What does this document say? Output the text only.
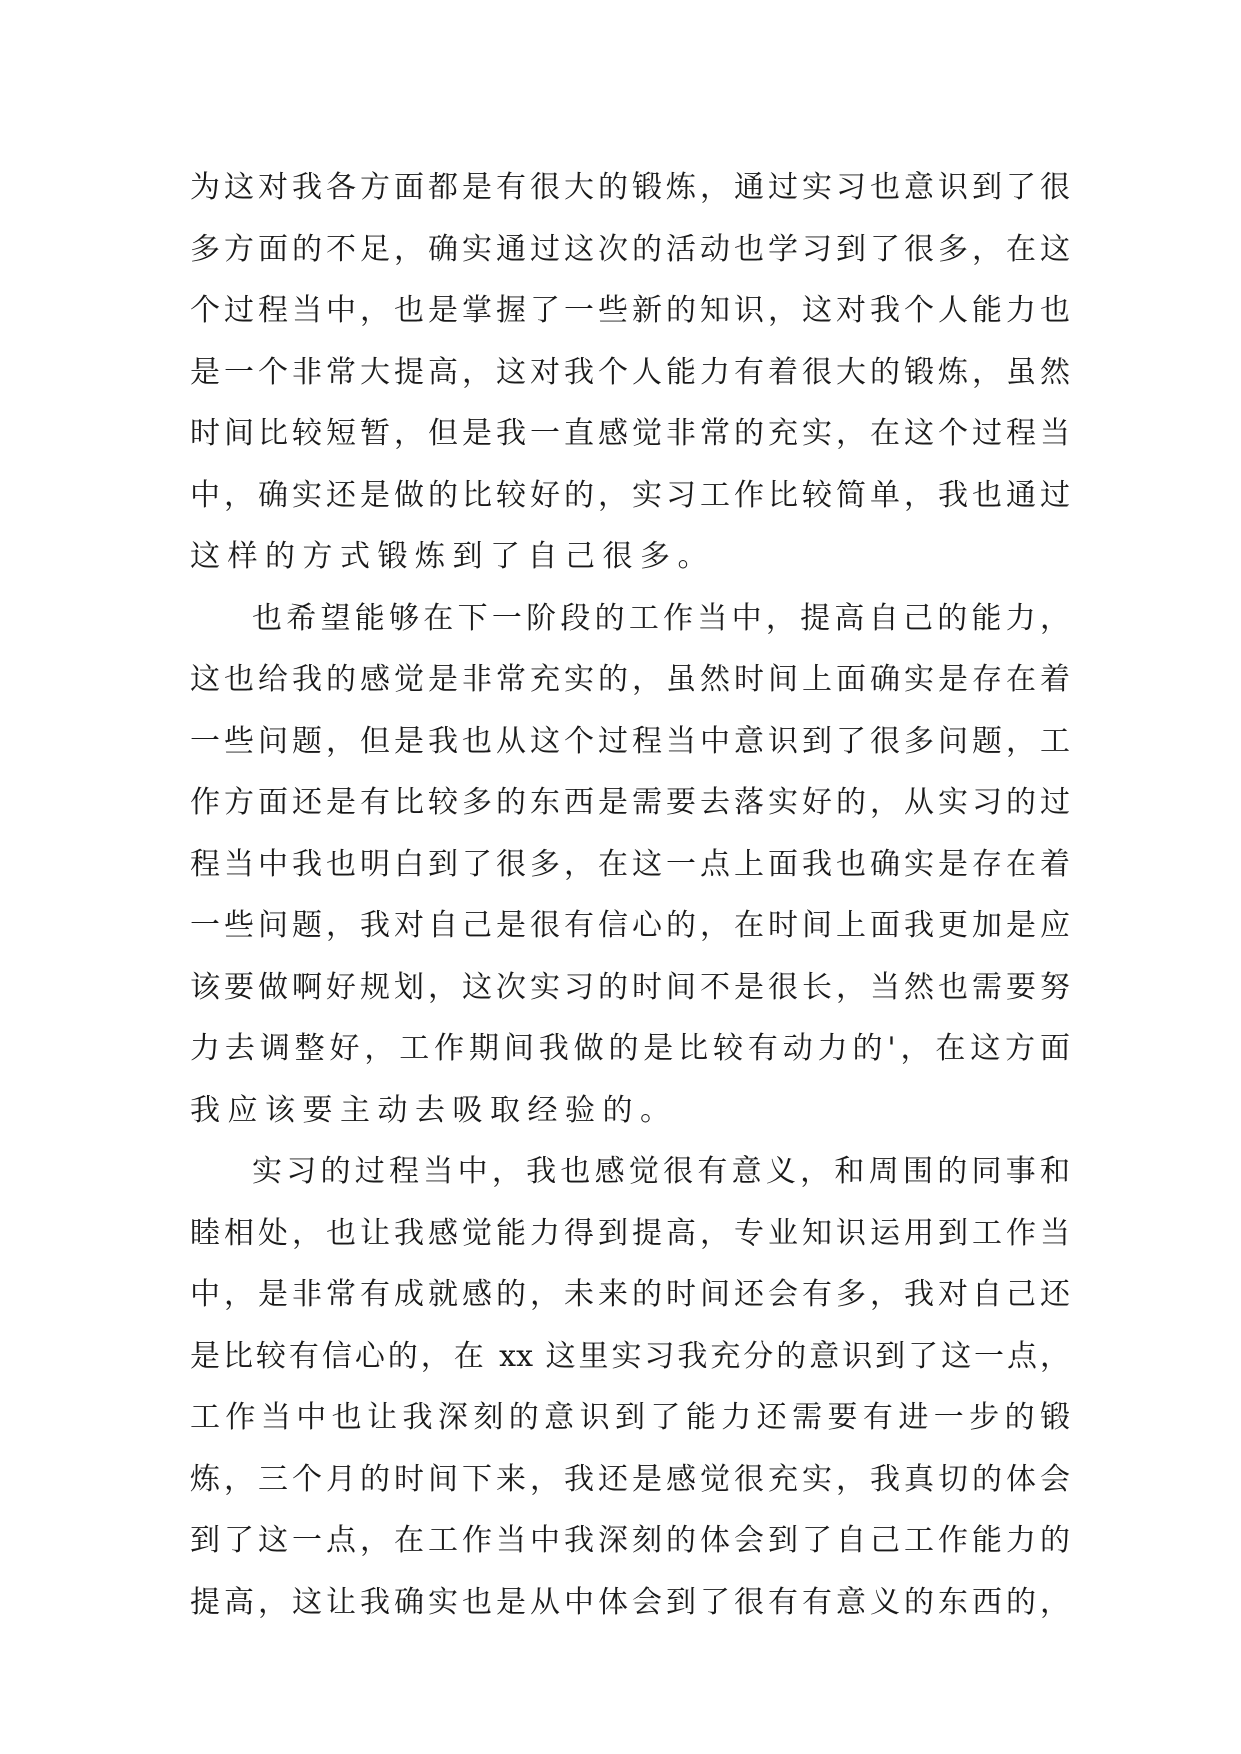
为这对我各方面都是有很大的锻炼，通过实习也意识到了很
多方面的不足，确实通过这次的活动也学习到了很多，在这
个过程当中，也是掌握了一些新的知识，这对我个人能力也
是一个非常大提高，这对我个人能力有着很大的锻炼，虽然
时间比较短暂，但是我一直感觉非常的充实，在这个过程当
中，确实还是做的比较好的，实习工作比较简单，我也通过
这样的方式锻炼到了自己很多。
也希望能够在下一阶段的工作当中，提高自己的能力，
这也给我的感觉是非常充实的，虽然时间上面确实是存在着
一些问题，但是我也从这个过程当中意识到了很多问题，工
作方面还是有比较多的东西是需要去落实好的，从实习的过
程当中我也明白到了很多，在这一点上面我也确实是存在着
一些问题，我对自己是很有信心的，在时间上面我更加是应
该要做啊好规划，这次实习的时间不是很长，当然也需要努
力去调整好，工作期间我做的是比较有动力的'，在这方面
我应该要主动去吸取经验的。
实习的过程当中，我也感觉很有意义，和周围的同事和
睦相处，也让我感觉能力得到提高，专业知识运用到工作当
中，是非常有成就感的，未来的时间还会有多，我对自己还
是比较有信心的，在 xx 这里实习我充分的意识到了这一点，
工作当中也让我深刻的意识到了能力还需要有进一步的锻
炼，三个月的时间下来，我还是感觉很充实，我真切的体会
到了这一点，在工作当中我深刻的体会到了自己工作能力的
提高，这让我确实也是从中体会到了很有有意义的东西的，
